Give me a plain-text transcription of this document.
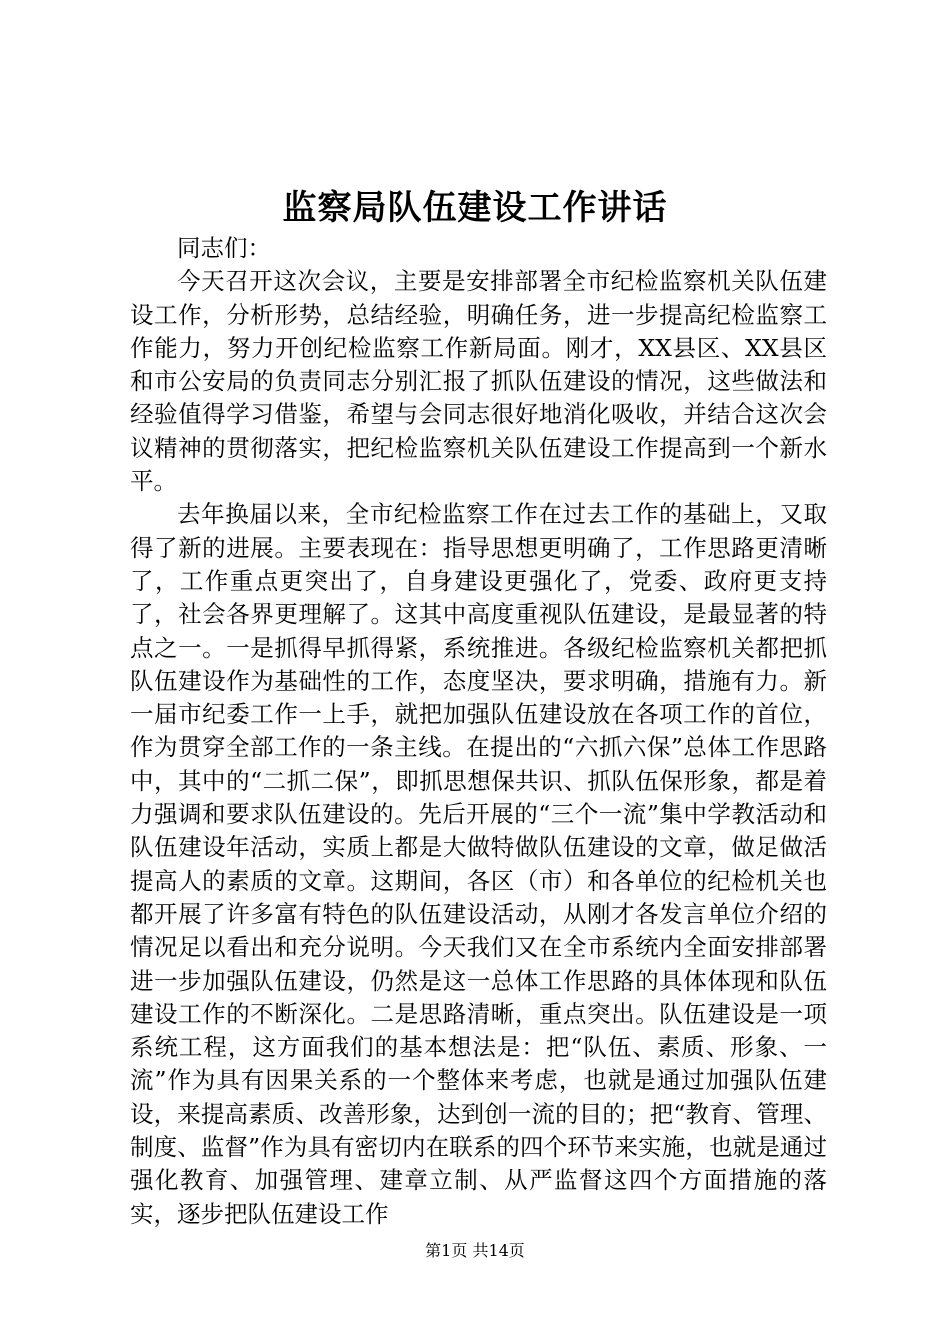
监察局队伍建设工作讲话

同志们：

今天召开这次会议，主要是安排部署全市纪检监察机关队伍建设工作，分析形势，总结经验，明确任务，进一步提高纪检监察工作能力，努力开创纪检监察工作新局面。刚才，XX县区、XX县区和市公安局的负责同志分别汇报了抓队伍建设的情况，这些做法和经验值得学习借鉴，希望与会同志很好地消化吸收，并结合这次会议精神的贯彻落实，把纪检监察机关队伍建设工作提高到一个新水平。

去年换届以来，全市纪检监察工作在过去工作的基础上，又取得了新的进展。主要表现在：指导思想更明确了，工作思路更清晰了，工作重点更突出了，自身建设更强化了，党委、政府更支持了，社会各界更理解了。这其中高度重视队伍建设，是最显著的特点之一。一是抓得早抓得紧，系统推进。各级纪检监察机关都把抓队伍建设作为基础性的工作，态度坚决，要求明确，措施有力。新一届市纪委工作一上手，就把加强队伍建设放在各项工作的首位，作为贯穿全部工作的一条主线。在提出的“六抓六保”总体工作思路中，其中的“二抓二保”，即抓思想保共识、抓队伍保形象，都是着力强调和要求队伍建设的。先后开展的“三个一流”集中学教活动和队伍建设年活动，实质上都是大做特做队伍建设的文章，做足做活提高人的素质的文章。这期间，各区（市）和各单位的纪检机关也都开展了许多富有特色的队伍建设活动，从刚才各发言单位介绍的情况足以看出和充分说明。今天我们又在全市系统内全面安排部署进一步加强队伍建设，仍然是这一总体工作思路的具体体现和队伍建设工作的不断深化。二是思路清晰，重点突出。队伍建设是一项系统工程，这方面我们的基本想法是：把“队伍、素质、形象、一流”作为具有因果关系的一个整体来考虑，也就是通过加强队伍建设，来提高素质、改善形象，达到创一流的目的；把“教育、管理、制度、监督”作为具有密切内在联系的四个环节来实施，也就是通过强化教育、加强管理、建章立制、从严监督这四个方面措施的落实，逐步把队伍建设工作

第1页 共14页
